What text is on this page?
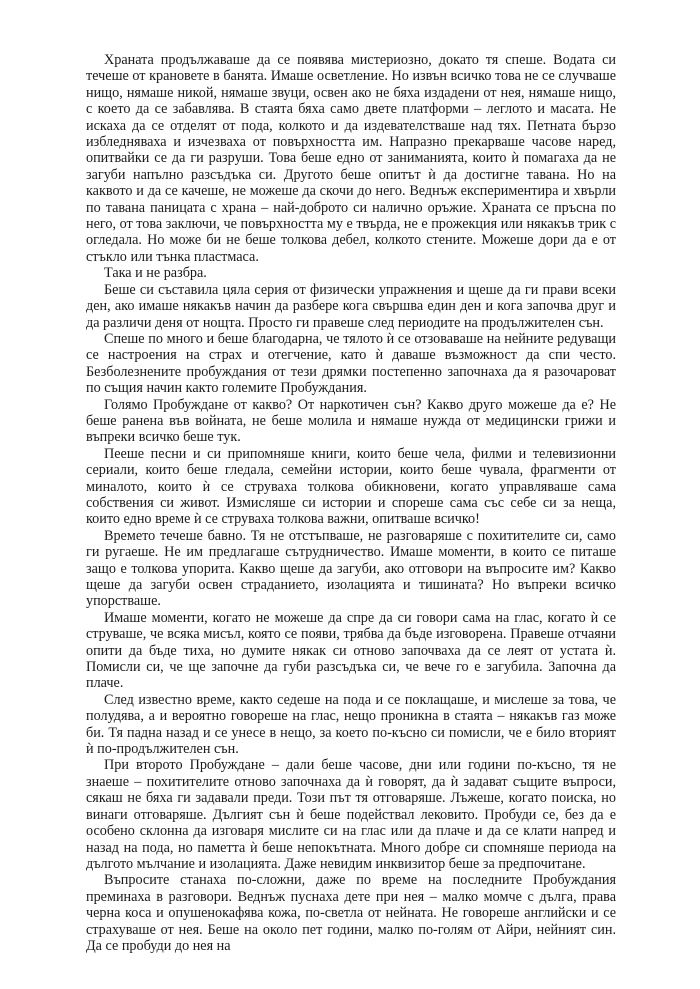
Храната продължаваше да се появява мистериозно, докато тя спеше. Водата си течеше от крановете в банята. Имаше осветление. Но извън всичко това не се случваше нищо, нямаше никой, нямаше звуци, освен ако не бяха издадени от нея, нямаше нищо, с което да се забавлява. В стаята бяха само двете платформи – леглото и масата. Не искаха да се отделят от пода, колкото и да издевателстваше над тях. Петната бързо избледняваха и изчезваха от повърхността им. Напразно прекарваше часове наред, опитвайки се да ги разруши. Това беше едно от заниманията, които ѝ помагаха да не загуби напълно разсъдъка си. Другото беше опитът ѝ да достигне тавана. Но на каквото и да се качеше, не можеше да скочи до него. Веднъж експериментира и хвърли по тавана паницата с храна – най-доброто си налично оръжие. Храната се пръсна по него, от това заключи, че повърхността му е твърда, не е прожекция или някакъв трик с огледала. Но може би не беше толкова дебел, колкото стените. Можеше дори да е от стъкло или тънка пластмаса.

Така и не разбра.

Беше си съставила цяла серия от физически упражнения и щеше да ги прави всеки ден, ако имаше някакъв начин да разбере кога свършва един ден и кога започва друг и да различи деня от нощта. Просто ги правеше след периодите на продължителен сън.

Спеше по много и беше благодарна, че тялото ѝ се отзоваваше на нейните редуващи се настроения на страх и отегчение, като ѝ даваше възможност да спи често. Безболезнените пробуждания от тези дрямки постепенно започнаха да я разочароват по същия начин както големите Пробуждания.

Голямо Пробуждане от какво? От наркотичен сън? Какво друго можеше да е? Не беше ранена във войната, не беше молила и нямаше нужда от медицински грижи и въпреки всичко беше тук.

Пееше песни и си припомняше книги, които беше чела, филми и телевизионни сериали, които беше гледала, семейни истории, които беше чувала, фрагменти от миналото, които ѝ се струваха толкова обикновени, когато управляваше сама собствения си живот. Измисляше си истории и спореше сама със себе си за неща, които едно време ѝ се струваха толкова важни, опитваше всичко!

Времето течеше бавно. Тя не отстъпваше, не разговаряше с похитителите си, само ги ругаеше. Не им предлагаше сътрудничество. Имаше моменти, в които се питаше защо е толкова упорита. Какво щеше да загуби, ако отговори на въпросите им? Какво щеше да загуби освен страданието, изолацията и тишината? Но въпреки всичко упорстваше.

Имаше моменти, когато не можеше да спре да си говори сама на глас, когато ѝ се струваше, че всяка мисъл, която се появи, трябва да бъде изговорена. Правеше отчаяни опити да бъде тиха, но думите някак си отново започваха да се леят от устата ѝ. Помисли си, че ще започне да губи разсъдъка си, че вече го е загубила. Започна да плаче.

След известно време, както седеше на пода и се поклащаше, и мислеше за това, че полудява, а и вероятно говореше на глас, нещо проникна в стаята – някакъв газ може би. Тя падна назад и се унесе в нещо, за което по-късно си помисли, че е било вторият ѝ по-продължителен сън.

При второто Пробуждане – дали беше часове, дни или години по-късно, тя не знаеше – похитителите отново започнаха да ѝ говорят, да ѝ задават същите въпроси, сякаш не бяха ги задавали преди. Този път тя отговаряше. Лъжеше, когато поиска, но винаги отговаряше. Дългият сън ѝ беше подействал лековито. Пробуди се, без да е особено склонна да изговаря мислите си на глас или да плаче и да се клати напред и назад на пода, но паметта ѝ беше непокътната. Много добре си спомняше периода на дългото мълчание и изолацията. Даже невидим инквизитор беше за предпочитане.

Въпросите станаха по-сложни, даже по време на последните Пробуждания преминаха в разговори. Веднъж пуснаха дете при нея – малко момче с дълга, права черна коса и опушенокафява кожа, по-светла от нейната. Не говореше английски и се страхуваше от нея. Беше на около пет години, малко по-голям от Айри, нейният син. Да се пробуди до нея на
